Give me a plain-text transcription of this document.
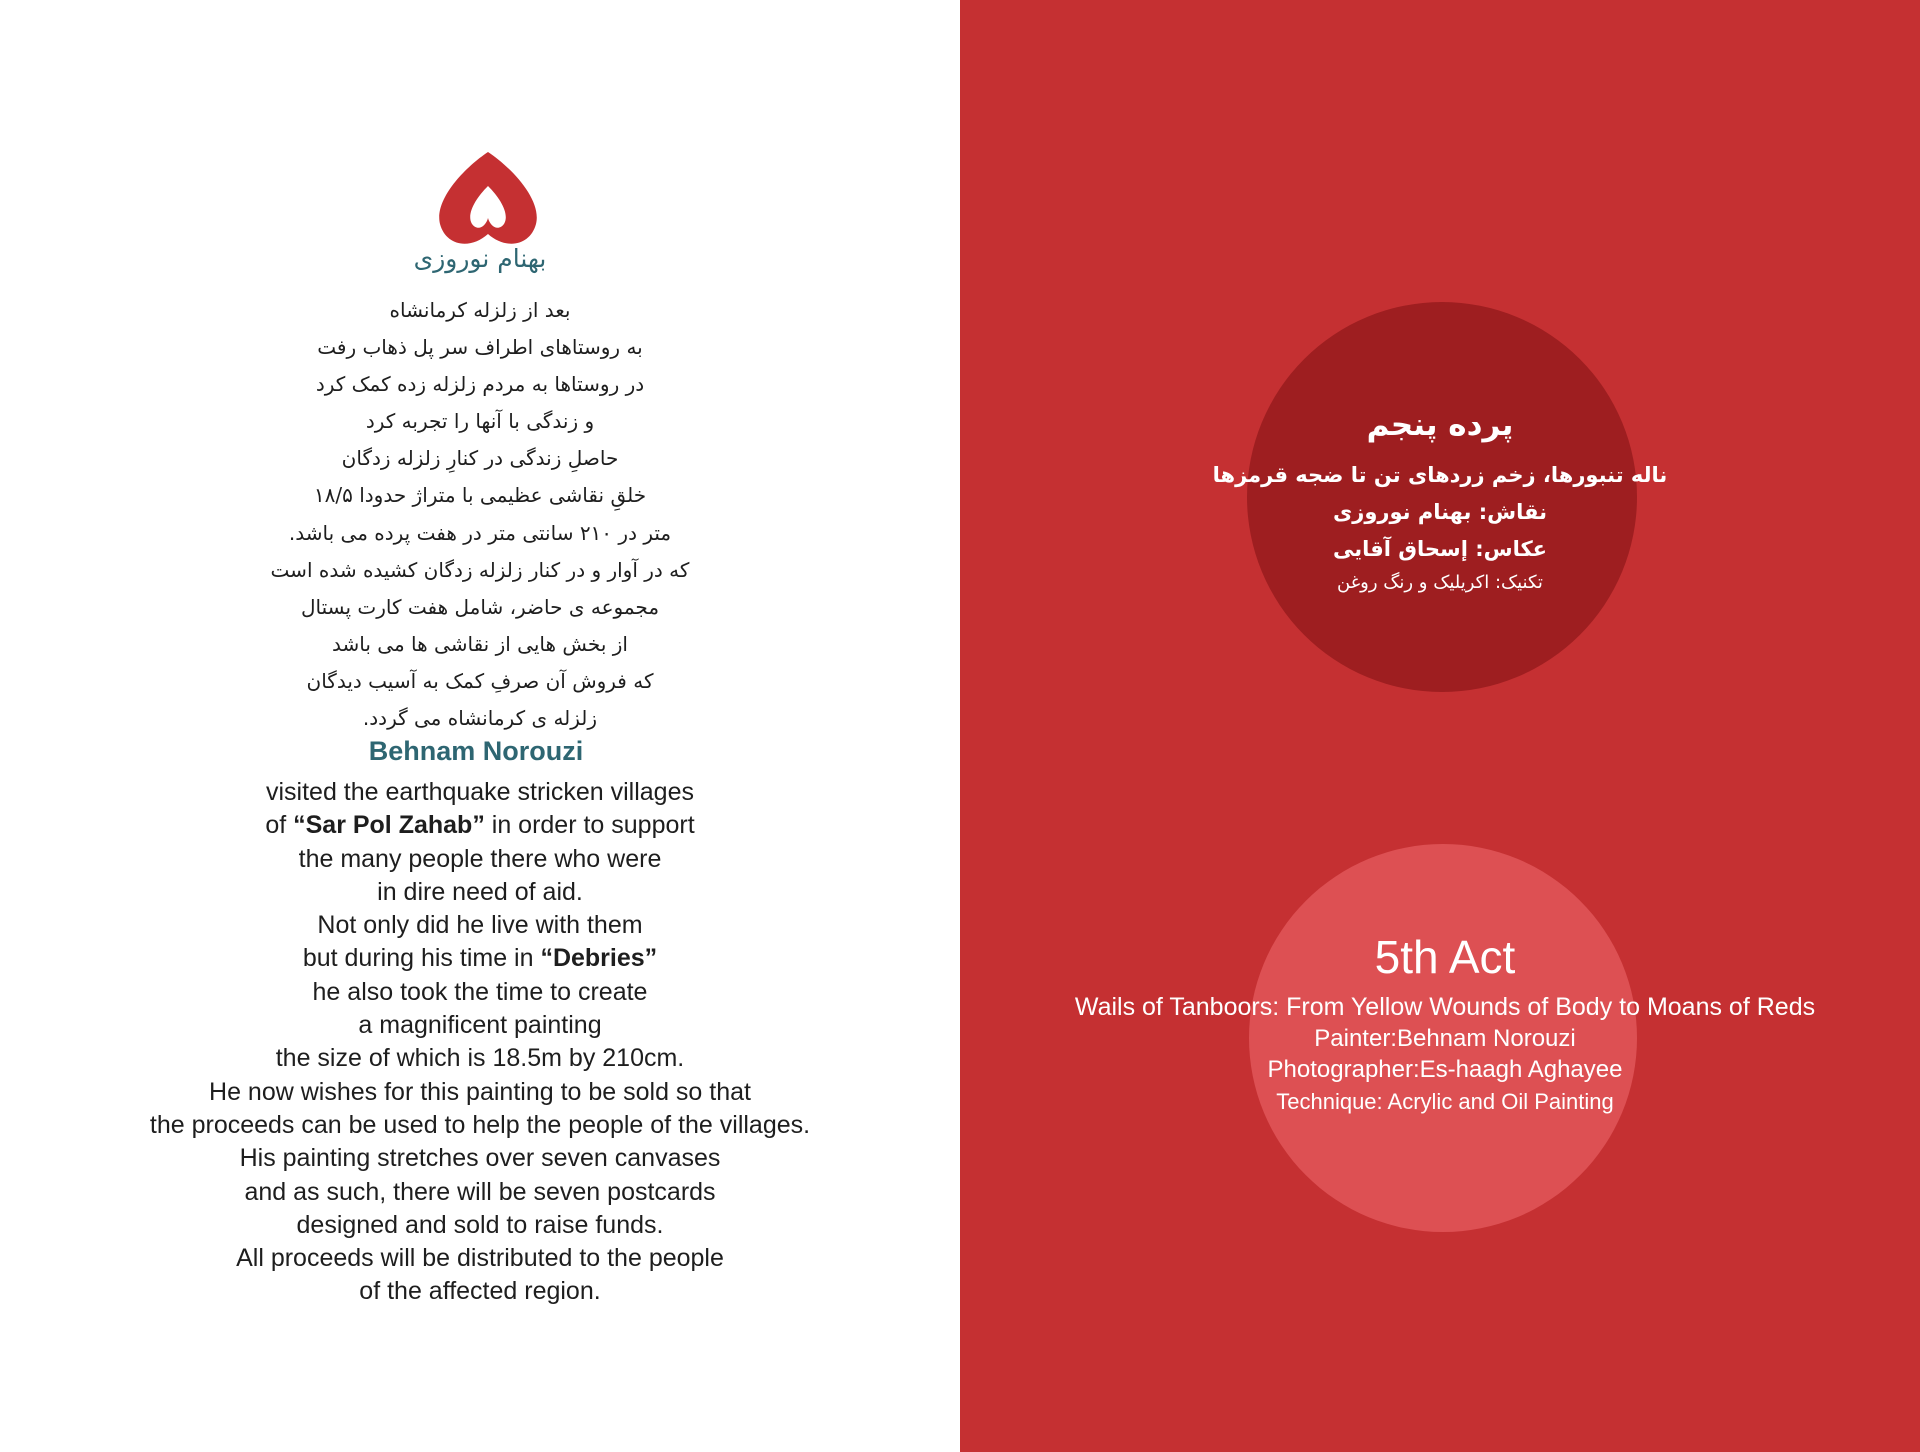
بهنام نوروزی
بعد از زلزله کرمانشاه
به روستاهای اطراف سر پل ذهاب رفت
در روستاها به مردم زلزله زده کمک کرد
و زندگی با آنها را تجربه کرد
حاصلِ زندگی در کنارِ زلزله زدگان
خلقِ نقاشی عظیمی با متراژ حدودا ۱۸/۵
متر در ۲۱۰ سانتی متر در هفت پرده می باشد.
که در آوار و در کنار زلزله زدگان کشیده شده است
مجموعه ی حاضر، شامل هفت کارت پستال
از بخش هایی از نقاشی ها می باشد
که فروش آن صرفِ کمک به آسیب دیدگان
زلزله ی کرمانشاه می گردد.
Behnam Norouzi
visited the earthquake stricken villages
of “Sar Pol Zahab” in order to support
the many people there who were
in dire need of aid.
Not only did he live with them
but during his time in “Debries”
he also took the time to create
a magnificent painting
the size of which is 18.5m by 210cm.
He now wishes for this painting to be sold so that
the proceeds can be used to help the people of the villages.
His painting stretches over seven canvases
and as such, there will be seven postcards
designed and sold to raise funds.
All proceeds will be distributed to the people
of the affected region.
پرده پنجم
ناله تنبورها، زخم زردهای تن تا ضجه قرمزها
نقاش: بهنام نوروزی
عکاس: إسحاق آقایی
تکنیک: اکریلیک و رنگ روغن
5th Act
Wails of Tanboors: From Yellow Wounds of Body to Moans of Reds
Painter:Behnam Norouzi
Photographer:Es-haagh Aghayee
Technique: Acrylic and Oil Painting
